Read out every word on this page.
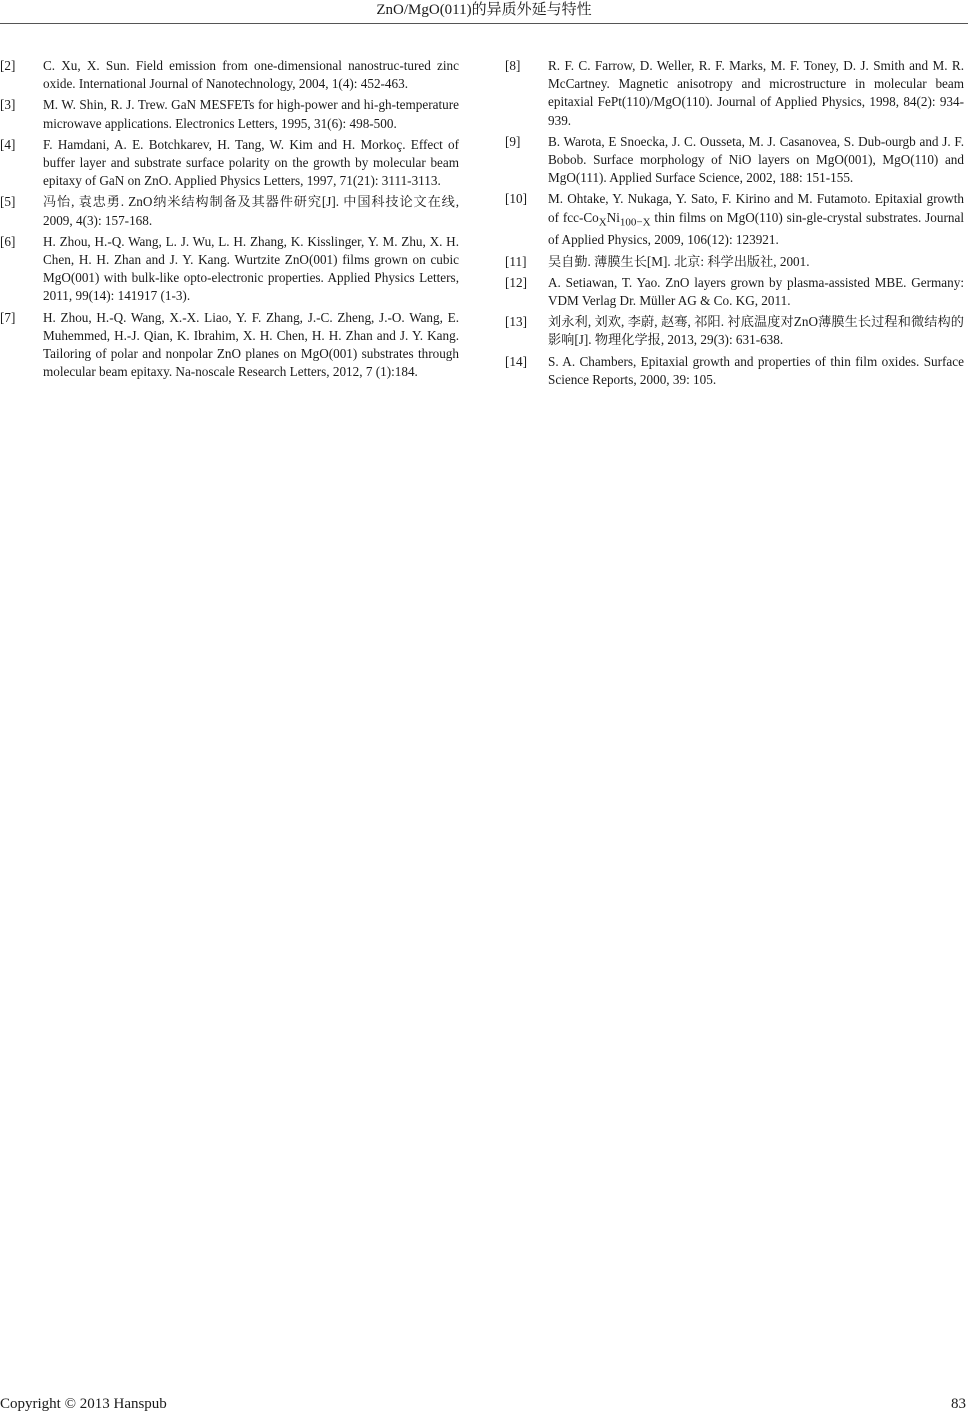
ZnO/MgO(011)的异质外延与特性
[2]	C. Xu, X. Sun. Field emission from one-dimensional nanostruc-tured zinc oxide. International Journal of Nanotechnology, 2004, 1(4): 452-463.
[3]	M. W. Shin, R. J. Trew. GaN MESFETs for high-power and hi-gh-temperature microwave applications. Electronics Letters, 1995, 31(6): 498-500.
[4]	F. Hamdani, A. E. Botchkarev, H. Tang, W. Kim and H. Morkoç. Effect of buffer layer and substrate surface polarity on the growth by molecular beam epitaxy of GaN on ZnO. Applied Physics Letters, 1997, 71(21): 3111-3113.
[5]	冯怡, 袁忠勇. ZnO纳米结构制备及其器件研究[J]. 中国科技论文在线, 2009, 4(3): 157-168.
[6]	H. Zhou, H.-Q. Wang, L. J. Wu, L. H. Zhang, K. Kisslinger, Y. M. Zhu, X. H. Chen, H. H. Zhan and J. Y. Kang. Wurtzite ZnO(001) films grown on cubic MgO(001) with bulk-like opto-electronic properties. Applied Physics Letters, 2011, 99(14): 141917 (1-3).
[7]	H. Zhou, H.-Q. Wang, X.-X. Liao, Y. F. Zhang, J.-C. Zheng, J.-O. Wang, E. Muhemmed, H.-J. Qian, K. Ibrahim, X. H. Chen, H. H. Zhan and J. Y. Kang. Tailoring of polar and nonpolar ZnO planes on MgO(001) substrates through molecular beam epitaxy. Na-noscale Research Letters, 2012, 7 (1):184.
[8]	R. F. C. Farrow, D. Weller, R. F. Marks, M. F. Toney, D. J. Smith and M. R. McCartney. Magnetic anisotropy and microstructure in molecular beam epitaxial FePt(110)/MgO(110). Journal of Applied Physics, 1998, 84(2): 934-939.
[9]	B. Warota, E Snoecka, J. C. Ousseta, M. J. Casanovea, S. Dub-ourgb and J. F. Bobob. Surface morphology of NiO layers on MgO(001), MgO(110) and MgO(111). Applied Surface Science, 2002, 188: 151-155.
[10]	M. Ohtake, Y. Nukaga, Y. Sato, F. Kirino and M. Futamoto. Epitaxial growth of fcc-$Co_XNi_{100-X}$ thin films on MgO(110) sin-gle-crystal substrates. Journal of Applied Physics, 2009, 106(12): 123921.
[11]	吴自勤. 薄膜生长[M]. 北京: 科学出版社, 2001.
[12]	A. Setiawan, T. Yao. ZnO layers grown by plasma-assisted MBE. Germany: VDM Verlag Dr. Müller AG & Co. KG, 2011.
[13]	刘永利, 刘欢, 李蔚, 赵骞, 祁阳. 衬底温度对ZnO薄膜生长过程和微结构的影响[J]. 物理化学报, 2013, 29(3): 631-638.
[14]	S. A. Chambers, Epitaxial growth and properties of thin film oxides. Surface Science Reports, 2000, 39: 105.
Copyright © 2013 Hanspub	83
